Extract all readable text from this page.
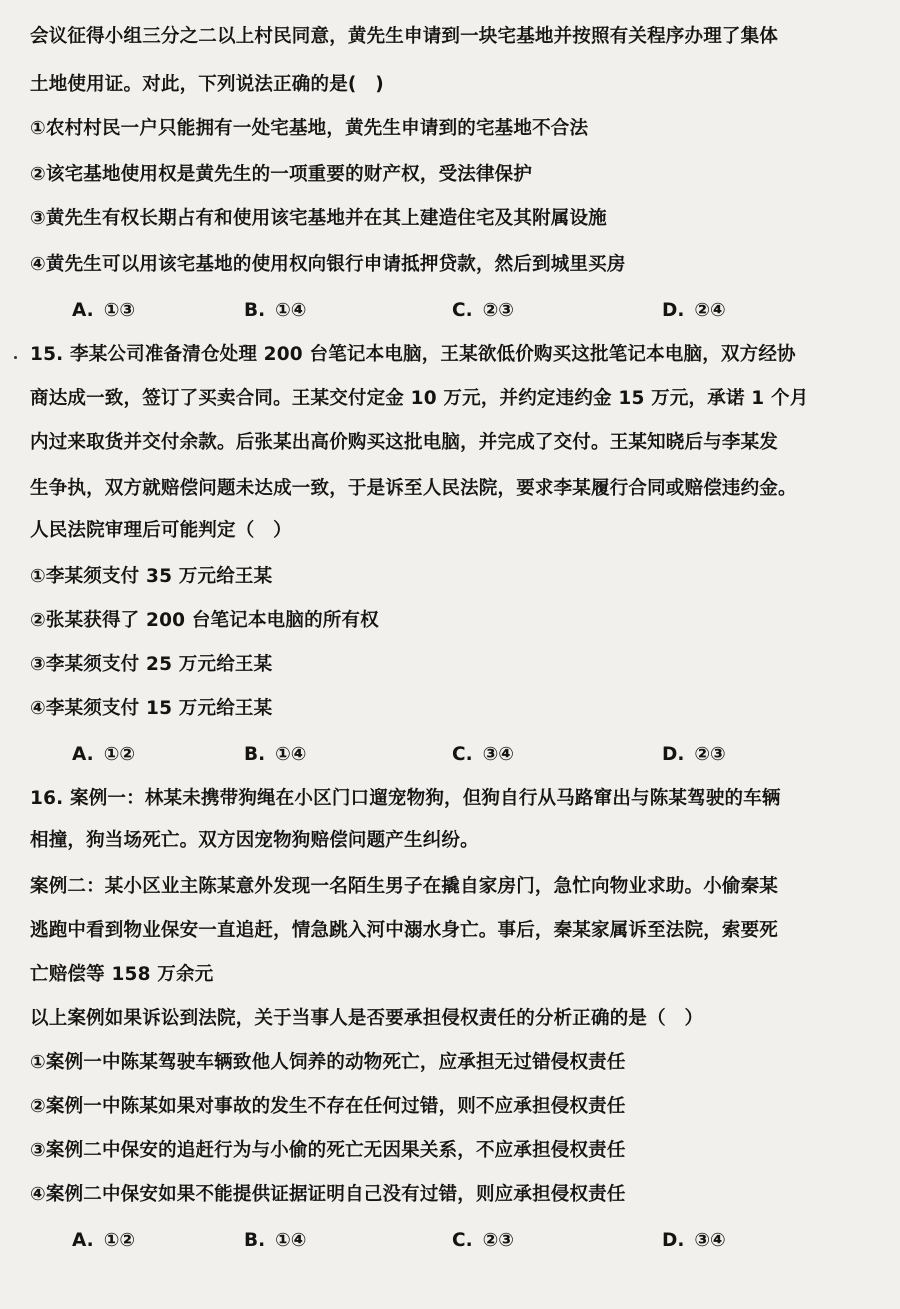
会议征得小组三分之二以上村民同意，黄先生申请到一块宅基地并按照有关程序办理了集体
土地使用证。对此，下列说法正确的是(　)
①农村村民一户只能拥有一处宅基地，黄先生申请到的宅基地不合法
②该宅基地使用权是黄先生的一项重要的财产权，受法律保护
③黄先生有权长期占有和使用该宅基地并在其上建造住宅及其附属设施
④黄先生可以用该宅基地的使用权向银行申请抵押贷款，然后到城里买房
A. ①③	B. ①④	C. ②③	D. ②④
15. 李某公司准备清仓处理 200 台笔记本电脑，王某欲低价购买这批笔记本电脑，双方经协
商达成一致，签订了买卖合同。王某交付定金 10 万元，并约定违约金 15 万元，承诺 1 个月
内过来取货并交付余款。后张某出高价购买这批电脑，并完成了交付。王某知晓后与李某发
生争执，双方就赔偿问题未达成一致，于是诉至人民法院，要求李某履行合同或赔偿违约金。
人民法院审理后可能判定（　）
①李某须支付 35 万元给王某
②张某获得了 200 台笔记本电脑的所有权
③李某须支付 25 万元给王某
④李某须支付 15 万元给王某
A. ①②	B. ①④	C. ③④	D. ②③
16. 案例一：林某未携带狗绳在小区门口遛宠物狗，但狗自行从马路窜出与陈某驾驶的车辆
相撞，狗当场死亡。双方因宠物狗赔偿问题产生纠纷。
案例二：某小区业主陈某意外发现一名陌生男子在撬自家房门，急忙向物业求助。小偷秦某
逃跑中看到物业保安一直追赶，情急跳入河中溺水身亡。事后，秦某家属诉至法院，索要死
亡赔偿等 158 万余元
以上案例如果诉讼到法院，关于当事人是否要承担侵权责任的分析正确的是（　）
①案例一中陈某驾驶车辆致他人饲养的动物死亡，应承担无过错侵权责任
②案例一中陈某如果对事故的发生不存在任何过错，则不应承担侵权责任
③案例二中保安的追赶行为与小偷的死亡无因果关系，不应承担侵权责任
④案例二中保安如果不能提供证据证明自己没有过错，则应承担侵权责任
A. ①②	B. ①④	C. ②③	D. ③④
